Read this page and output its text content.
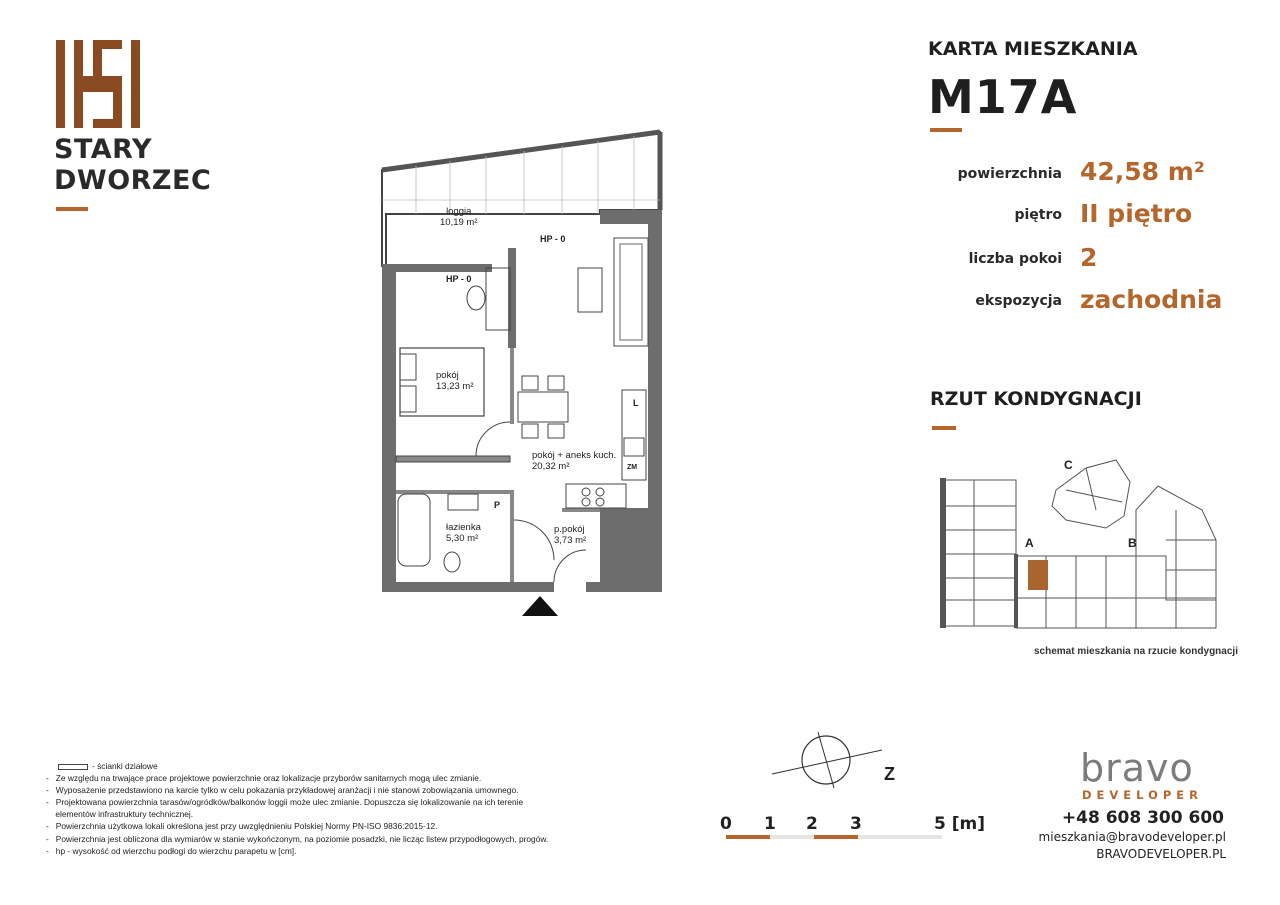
STARY
DWORZEC
KARTA MIESZKANIA
M17A
powierzchnia 42,58 m²
piętro II piętro
liczba pokoi 2
ekspozycja zachodnia
loggia
10,19 m²
HP - 0
HP - 0
pokój
13,23 m²
pokój + aneks kuch.
20,32 m²
łazienka
5,30 m²
p.pokój
3,73 m²
L
ZM
P
RZUT KONDYGNACJI
A	B
C
schemat mieszkania na rzucie kondygnacji
- ścianki działowe
-   Ze względu na trwające prace projektowe powierzchnie oraz lokalizacje przyborów sanitarnych mogą ulec zmianie.
-   Wyposażenie przedstawiono na karcie tylko w celu pokazania przykładowej aranżacji i nie stanowi zobowiązania umownego.
-   Projektowana powierzchnia tarasów/ogródków/balkonów loggii może ulec zmianie. Dopuszcza się lokalizowanie na ich terenie
elementów infrastruktury technicznej.
-   Powierzchnia użytkowa lokali określona jest przy uwzględnieniu Polskiej Normy PN-ISO 9836:2015-12.
-   Powierzchnia jest obliczona dla wymiarów w stanie wykończonym, na poziomie posadzki, nie licząc listew przypodłogowych, progów.
-   hp - wysokość od wierzchu podłogi do wierzchu parapetu w [cm].
Z
0 1 2 3	5 [m]
bravo
DEVELOPER
+48 608 300 600
mieszkania@bravodeveloper.pl
BRAVODEVELOPER.PL
